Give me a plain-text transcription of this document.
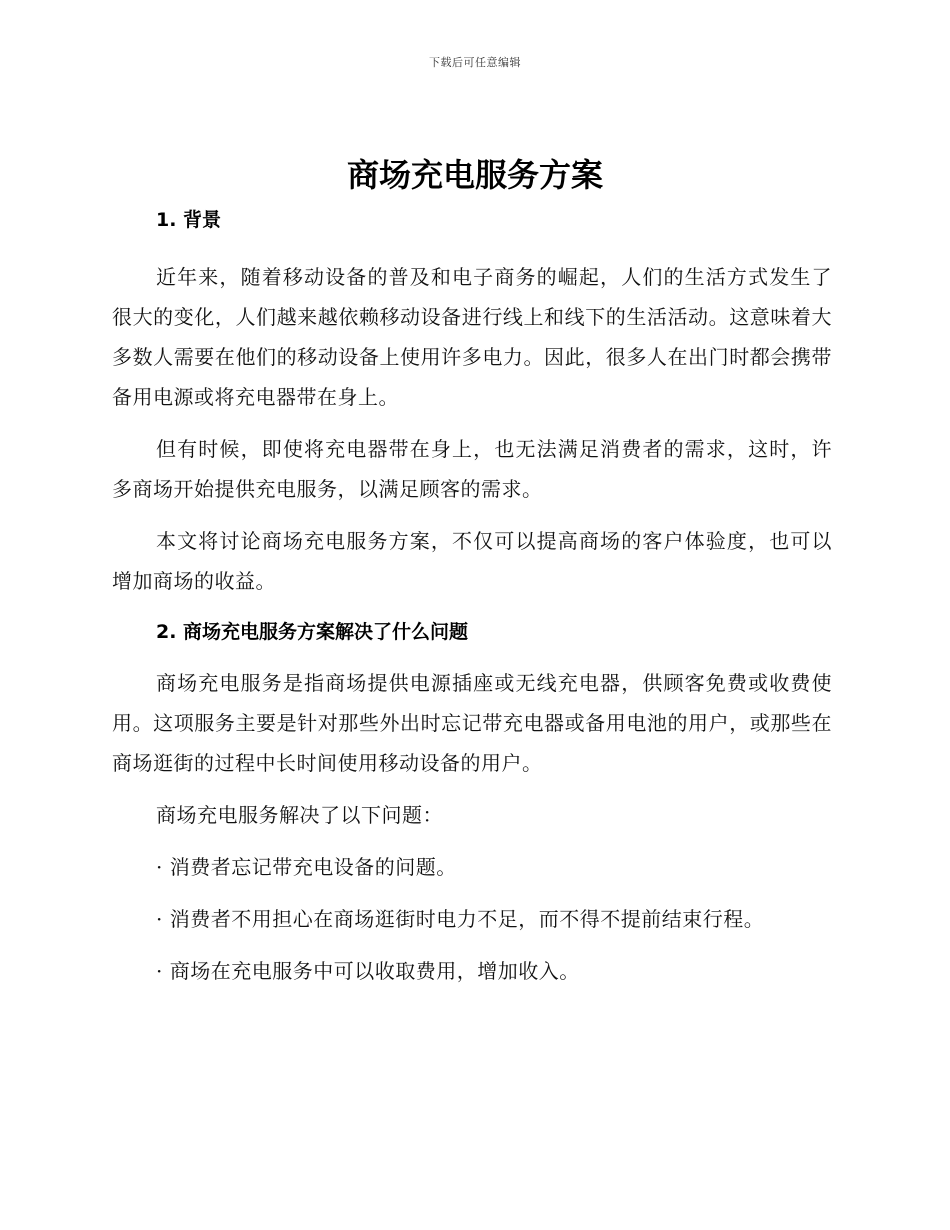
下载后可任意编辑
商场充电服务方案
1. 背景

近年来，随着移动设备的普及和电子商务的崛起，人们的生活方式发生了很大的变化，人们越来越依赖移动设备进行线上和线下的生活活动。这意味着大多数人需要在他们的移动设备上使用许多电力。因此，很多人在出门时都会携带备用电源或将充电器带在身上。

但有时候，即使将充电器带在身上，也无法满足消费者的需求，这时，许多商场开始提供充电服务，以满足顾客的需求。

本文将讨论商场充电服务方案，不仅可以提高商场的客户体验度，也可以增加商场的收益。

2. 商场充电服务方案解决了什么问题

商场充电服务是指商场提供电源插座或无线充电器，供顾客免费或收费使用。这项服务主要是针对那些外出时忘记带充电器或备用电池的用户，或那些在商场逛街的过程中长时间使用移动设备的用户。

商场充电服务解决了以下问题：

· 消费者忘记带充电设备的问题。

· 消费者不用担心在商场逛街时电力不足，而不得不提前结束行程。

· 商场在充电服务中可以收取费用，增加收入。
